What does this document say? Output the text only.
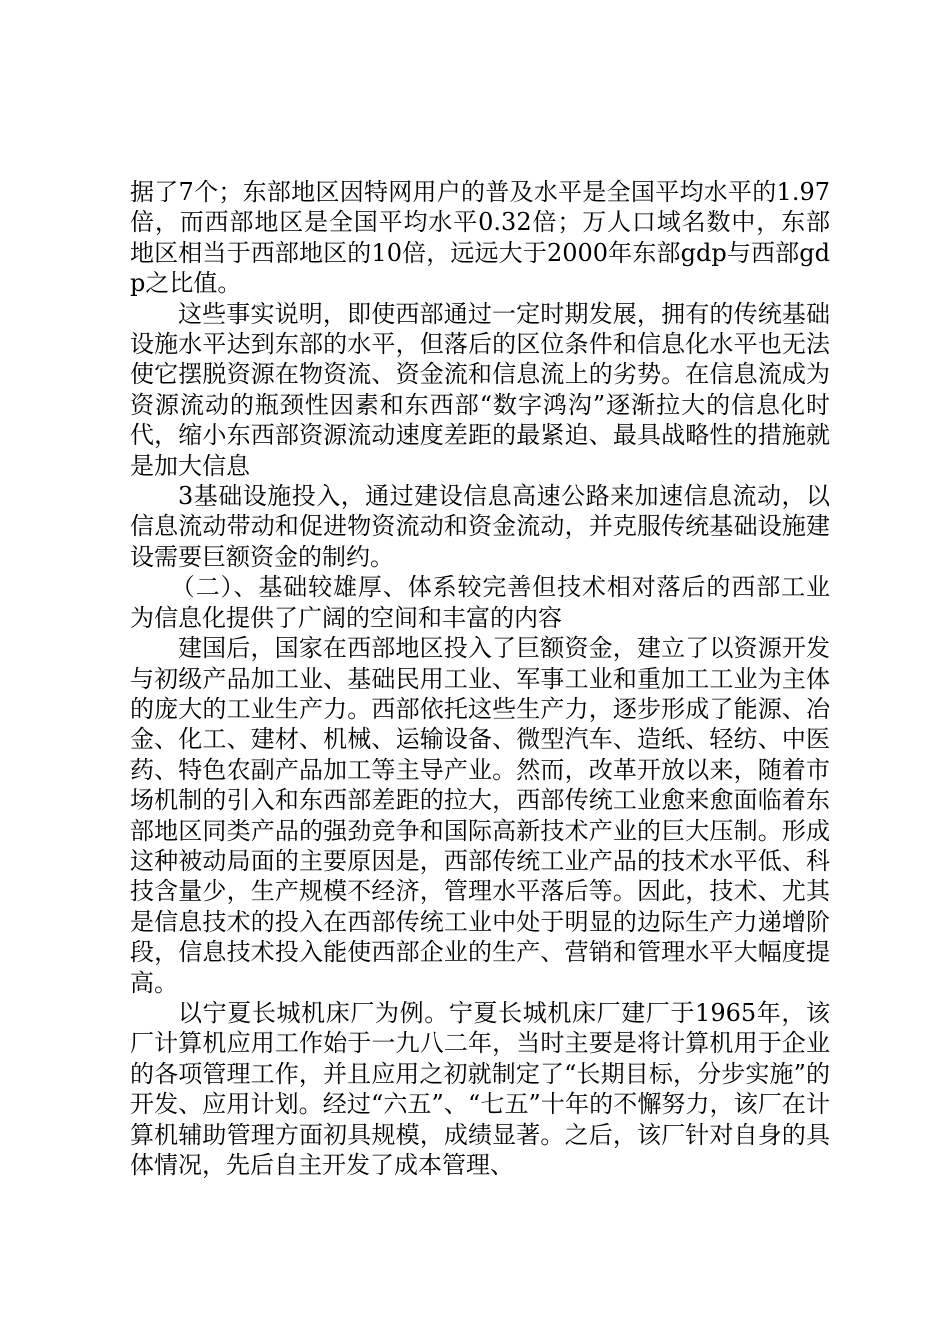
据了7个；东部地区因特网用户的普及水平是全国平均水平的1.97倍，而西部地区是全国平均水平0.32倍；万人口域名数中，东部地区相当于西部地区的10倍，远远大于2000年东部gdp与西部gdp之比值。

这些事实说明，即使西部通过一定时期发展，拥有的传统基础设施水平达到东部的水平，但落后的区位条件和信息化水平也无法使它摆脱资源在物资流、资金流和信息流上的劣势。在信息流成为资源流动的瓶颈性因素和东西部“数字鸿沟”逐渐拉大的信息化时代，缩小东西部资源流动速度差距的最紧迫、最具战略性的措施就是加大信息

3基础设施投入，通过建设信息高速公路来加速信息流动，以信息流动带动和促进物资流动和资金流动，并克服传统基础设施建设需要巨额资金的制约。

（二）、基础较雄厚、体系较完善但技术相对落后的西部工业为信息化提供了广阔的空间和丰富的内容

建国后，国家在西部地区投入了巨额资金，建立了以资源开发与初级产品加工业、基础民用工业、军事工业和重加工工业为主体的庞大的工业生产力。西部依托这些生产力，逐步形成了能源、冶金、化工、建材、机械、运输设备、微型汽车、造纸、轻纺、中医药、特色农副产品加工等主导产业。然而，改革开放以来，随着市场机制的引入和东西部差距的拉大，西部传统工业愈来愈面临着东部地区同类产品的强劲竞争和国际高新技术产业的巨大压制。形成这种被动局面的主要原因是，西部传统工业产品的技术水平低、科技含量少，生产规模不经济，管理水平落后等。因此，技术、尤其是信息技术的投入在西部传统工业中处于明显的边际生产力递增阶段，信息技术投入能使西部企业的生产、营销和管理水平大幅度提高。

以宁夏长城机床厂为例。宁夏长城机床厂建厂于1965年，该厂计算机应用工作始于一九八二年，当时主要是将计算机用于企业的各项管理工作，并且应用之初就制定了“长期目标，分步实施”的开发、应用计划。经过“六五”、“七五”十年的不懈努力，该厂在计算机辅助管理方面初具规模，成绩显著。之后，该厂针对自身的具体情况，先后自主开发了成本管理、
